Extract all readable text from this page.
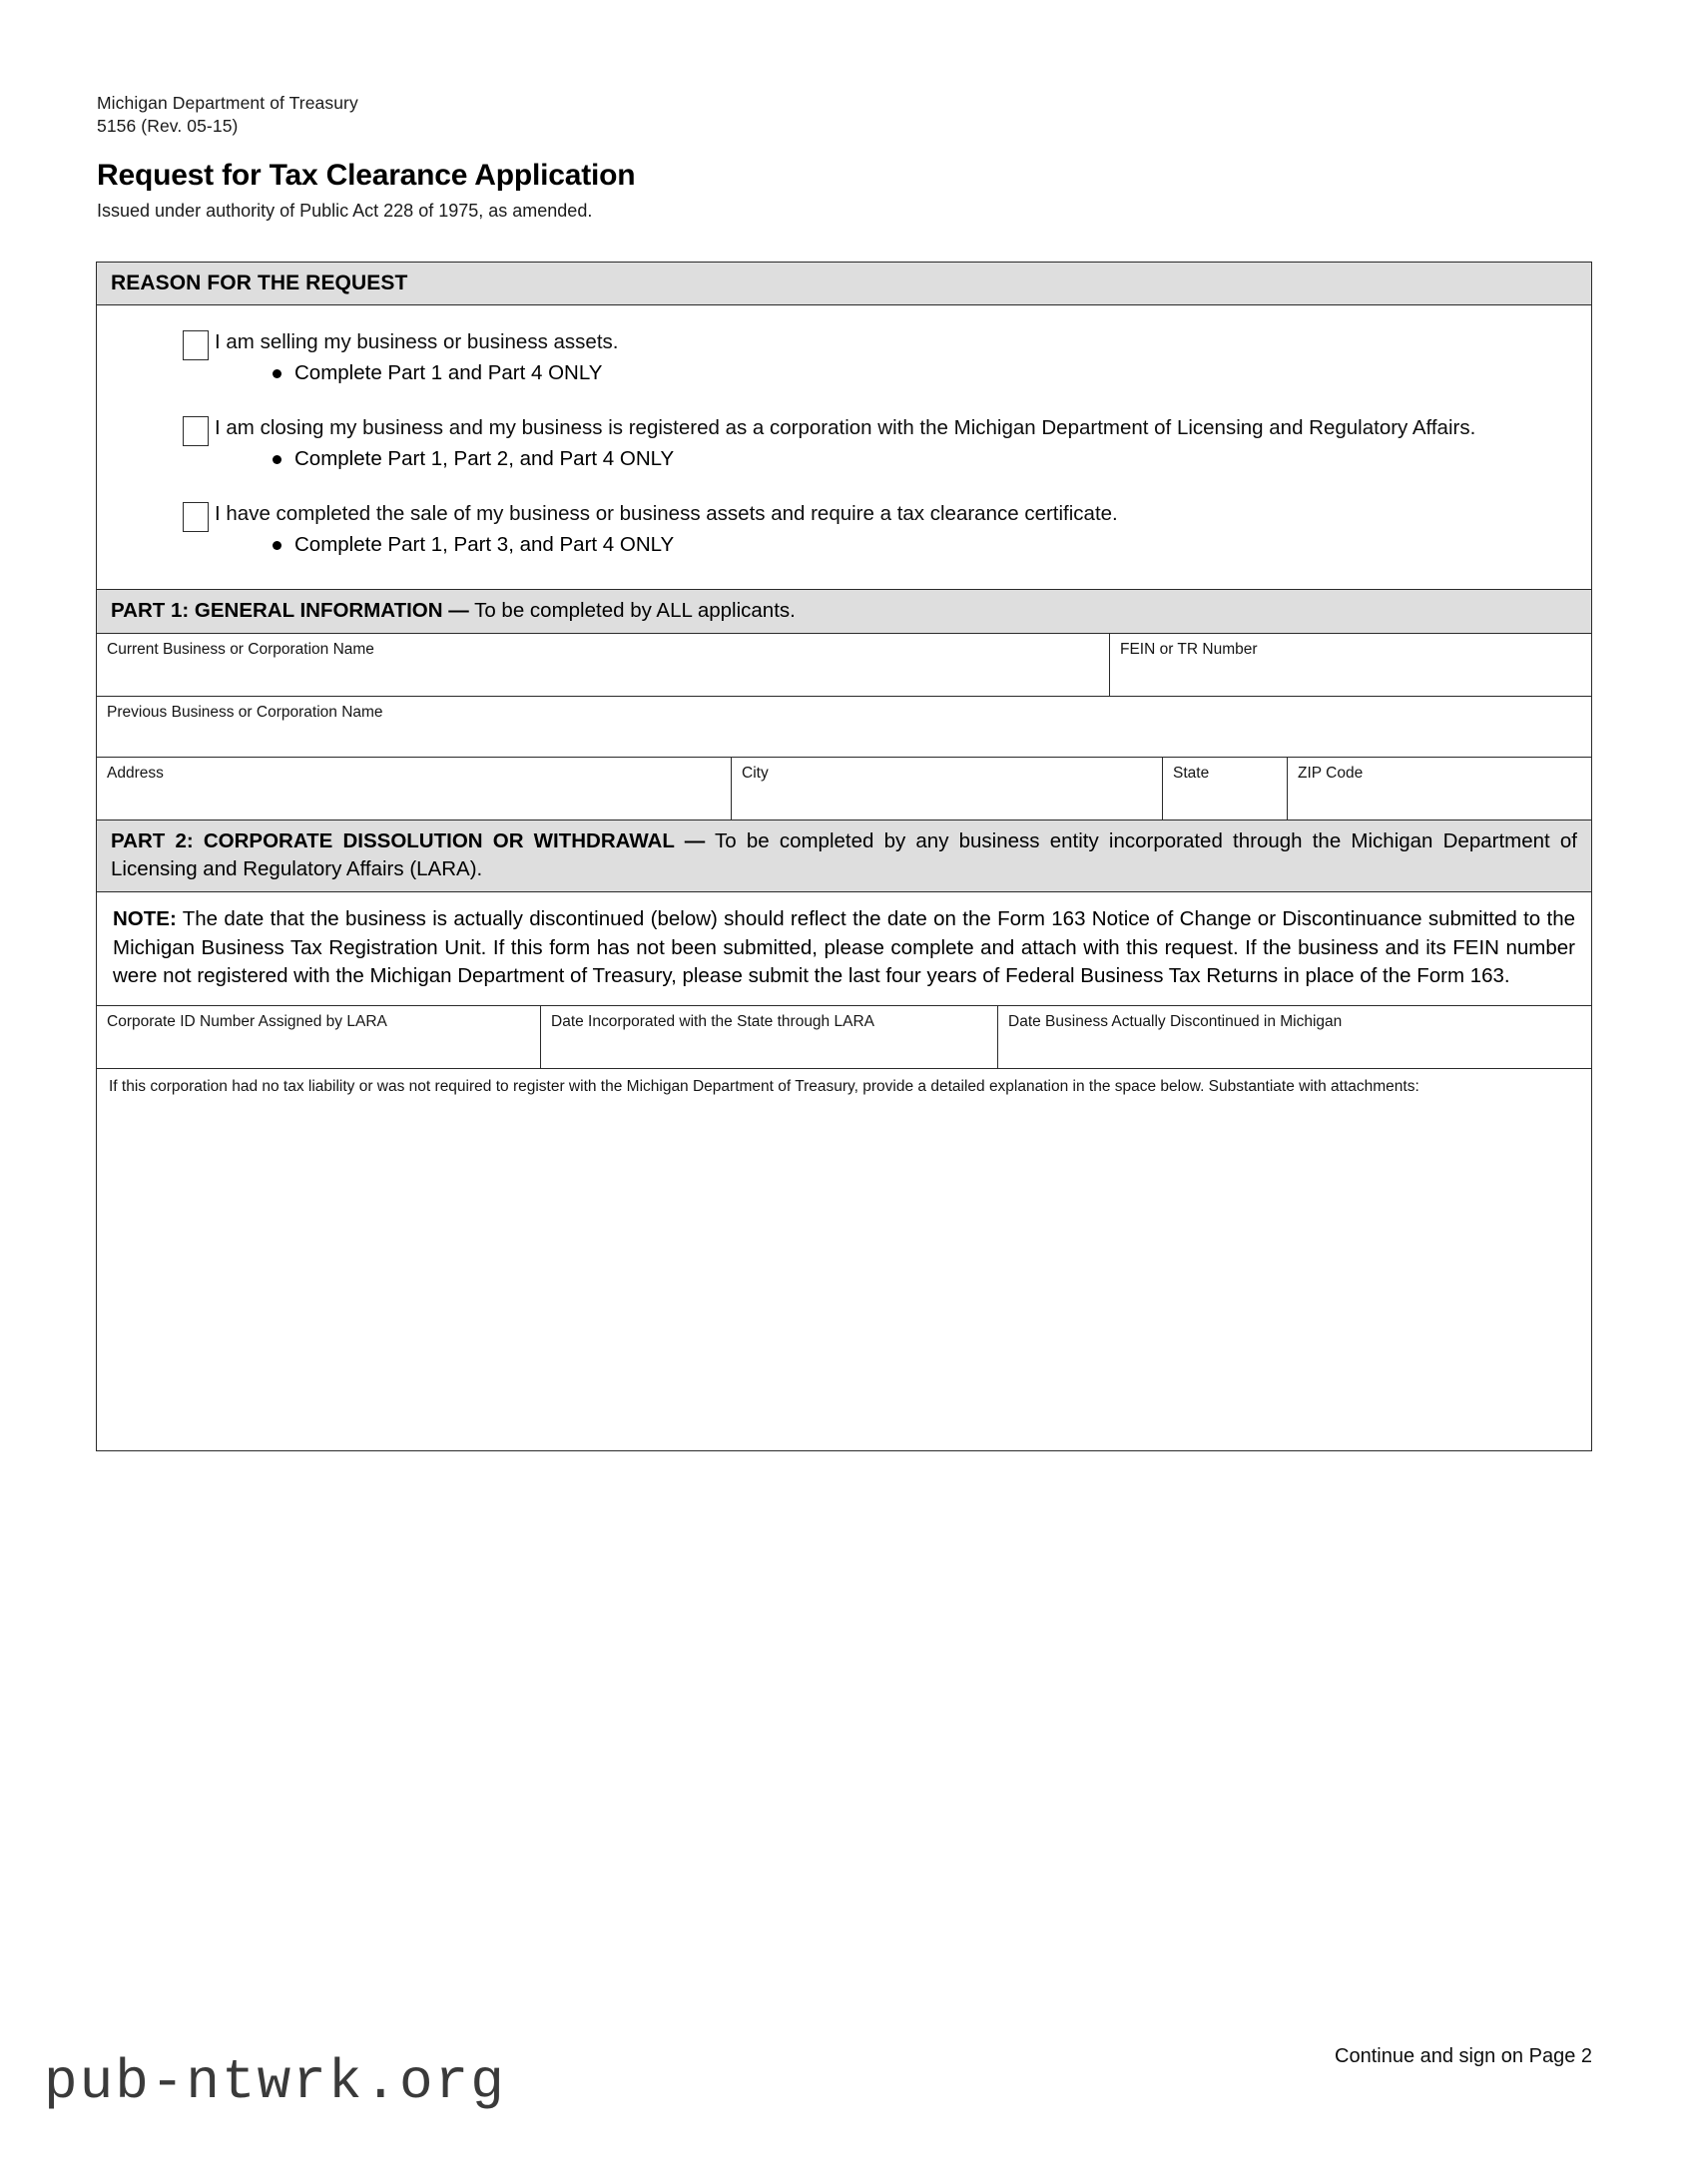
Michigan Department of Treasury
5156 (Rev. 05-15)
Request for Tax Clearance Application
Issued under authority of Public Act 228 of 1975, as amended.
REASON FOR THE REQUEST
I am selling my business or business assets.
Complete Part 1 and Part 4 ONLY
I am closing my business and my business is registered as a corporation with the Michigan Department of Licensing and Regulatory Affairs.
Complete Part 1, Part 2, and Part 4 ONLY
I have completed the sale of my business or business assets and require a tax clearance certificate.
Complete Part 1, Part 3, and Part 4 ONLY
PART 1: GENERAL INFORMATION — To be completed by ALL applicants.
Current Business or Corporation Name	FEIN or TR Number
Previous Business or Corporation Name
Address	City	State	ZIP Code
PART 2: CORPORATE DISSOLUTION OR WITHDRAWAL — To be completed by any business entity incorporated through the Michigan Department of Licensing and Regulatory Affairs (LARA).
NOTE: The date that the business is actually discontinued (below) should reflect the date on the Form 163 Notice of Change or Discontinuance submitted to the Michigan Business Tax Registration Unit. If this form has not been submitted, please complete and attach with this request. If the business and its FEIN number were not registered with the Michigan Department of Treasury, please submit the last four years of Federal Business Tax Returns in place of the Form 163.
Corporate ID Number Assigned by LARA	Date Incorporated with the State through LARA	Date Business Actually Discontinued in Michigan
If this corporation had no tax liability or was not required to register with the Michigan Department of Treasury, provide a detailed explanation in the space below. Substantiate with attachments:
Continue and sign on Page 2
pub-ntwrk.org
